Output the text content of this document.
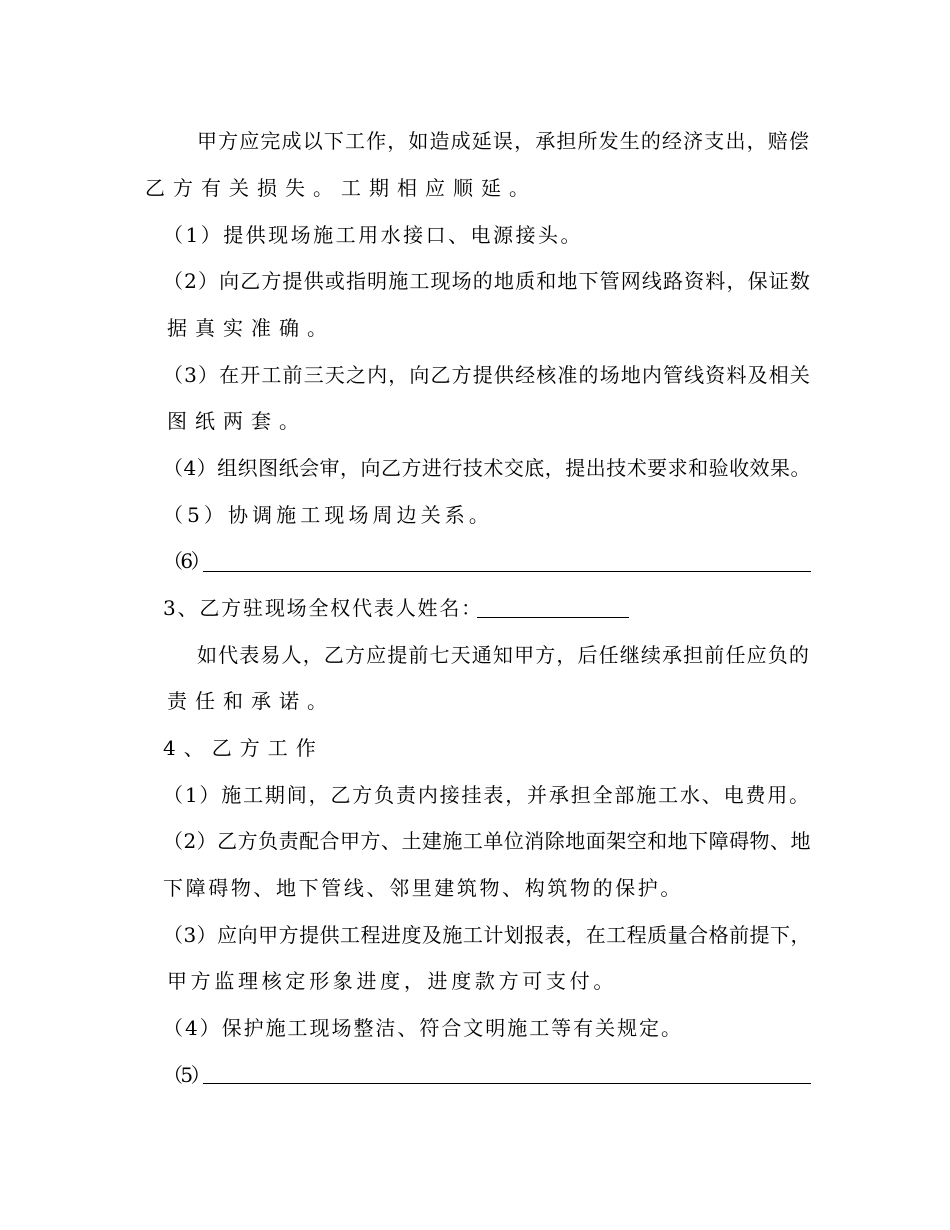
甲方应完成以下工作，如造成延误，承担所发生的经济支出，赔偿
乙方有关损失。工期相应顺延。
（1）提供现场施工用水接口、电源接头。
（2）向乙方提供或指明施工现场的地质和地下管网线路资料，保证数
据真实准确。
（3）在开工前三天之内，向乙方提供经核准的场地内管线资料及相关
图纸两套。
（4）组织图纸会审，向乙方进行技术交底，提出技术要求和验收效果。
（5）协调施工现场周边关系。
（6）
3、乙方驻现场全权代表人姓名：
如代表易人，乙方应提前七天通知甲方，后任继续承担前任应负的
责任和承诺。
4、乙方工作
（1）施工期间，乙方负责内接挂表，并承担全部施工水、电费用。
（2）乙方负责配合甲方、土建施工单位消除地面架空和地下障碍物、地
下障碍物、地下管线、邻里建筑物、构筑物的保护。
（3）应向甲方提供工程进度及施工计划报表，在工程质量合格前提下，
甲方监理核定形象进度，进度款方可支付。
（4）保护施工现场整洁、符合文明施工等有关规定。
（5）
